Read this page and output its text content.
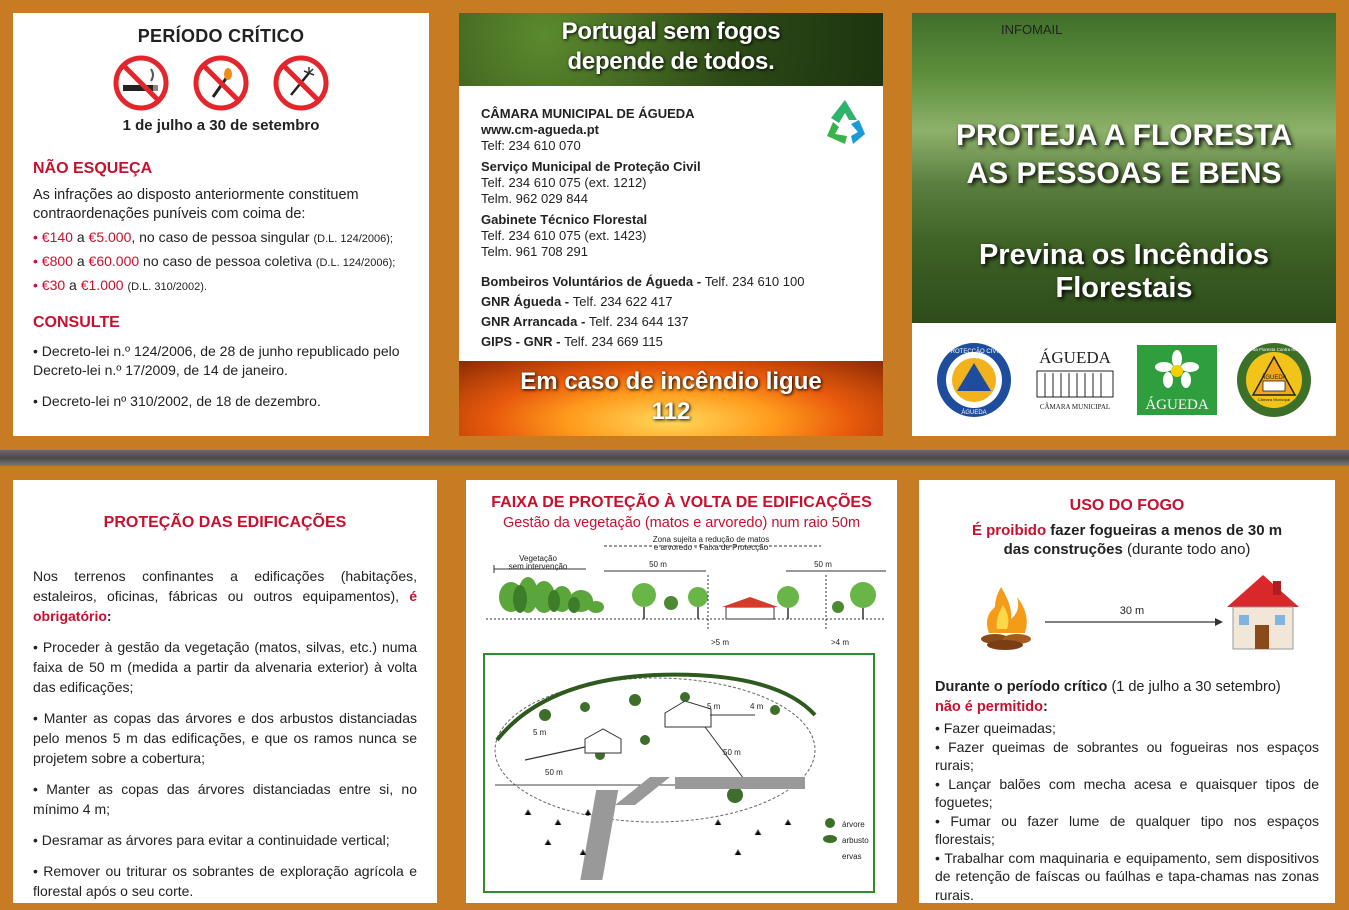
PERÍODO CRÍTICO
1 de julho a 30 de setembro
NÃO ESQUEÇA
As infrações ao disposto anteriormente constituem contraordenações puníveis com coima de:
• €140 a €5.000, no caso de pessoa singular (D.L. 124/2006);
• €800 a €60.000 no caso de pessoa coletiva (D.L. 124/2006);
• €30 a €1.000 (D.L. 310/2002).
CONSULTE
• Decreto-lei n.º 124/2006, de 28 de junho republicado pelo Decreto-lei n.º 17/2009, de 14 de janeiro.
• Decreto-lei nº 310/2002, de 18 de dezembro.
Portugal sem fogos
depende de todos.
CÂMARA MUNICIPAL DE ÁGUEDA
www.cm-agueda.pt
Telf: 234 610 070
Serviço Municipal de Proteção Civil
Telf. 234 610 075 (ext. 1212)
Telm. 962 029 844
Gabinete Técnico Florestal
Telf. 234 610 075 (ext. 1423)
Telm. 961 708 291
Bombeiros Voluntários de Águeda - Telf. 234 610 100
GNR Águeda - Telf. 234 622 417
GNR Arrancada - Telf. 234 644 137
GIPS - GNR - Telf. 234 669 115
Em caso de incêndio ligue
112
INFOMAIL
PROTEJA A FLORESTA
AS PESSOAS E BENS
Previna os Incêndios Florestais
PROTECÇÃO CIVIL
ÁGUEDA
ÁGUEDA
CÂMARA MUNICIPAL ÁGUEDA
Defesa da Floresta Contra Incêndios
ÁGUEDA
Câmara Municipal
PROTEÇÃO DAS EDIFICAÇÕES

Nos terrenos confinantes a edificações (habitações, estaleiros, oficinas, fábricas ou outros equipamentos), é obrigatório:

• Proceder à gestão da vegetação (matos, silvas, etc.) numa faixa de 50 m (medida a partir da alvenaria exterior) à volta das edificações;

• Manter as copas das árvores e dos arbustos distanciadas pelo menos 5 m das edificações, e que os ramos nunca se projetem sobre a cobertura;

• Manter as copas das árvores distanciadas entre si, no mínimo 4 m;

• Desramar as árvores para evitar a continuidade vertical;

• Remover ou triturar os sobrantes de exploração agrícola e florestal após o seu corte.

FAIXA DE PROTEÇÃO À VOLTA DE EDIFICAÇÕES
Gestão da vegetação (matos e arvoredo) num raio 50m
Vegetação
sem intervenção
Zona sujeita a redução de matos
e arvoredo - Faixa de Protecção
50 m	50 m
>5 m	>4 m
50 m
50 m
5 m	4 m
5 m
árvore
arbusto
ervas
USO DO FOGO
É proibido fazer fogueiras a menos de 30 m
das construções (durante todo ano)
30 m
Durante o período crítico (1 de julho a 30 setembro)
não é permitido:
• Fazer queimadas;
• Fazer queimas de sobrantes ou fogueiras nos espaços rurais;
• Lançar balões com mecha acesa e quaisquer tipos de foguetes;
• Fumar ou fazer lume de qualquer tipo nos espaços florestais;
• Trabalhar com maquinaria e equipamento, sem dispositivos de retenção de faíscas ou faúlhas e tapa-chamas nas zonas rurais.
